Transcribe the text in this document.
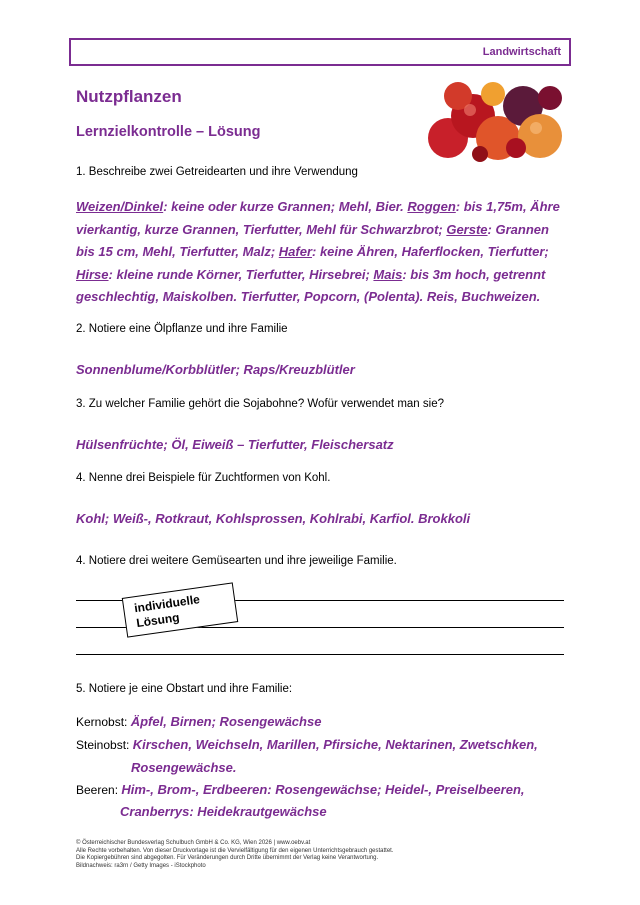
Landwirtschaft
Nutzpflanzen
Lernzielkontrolle – Lösung
1. Beschreibe zwei Getreidearten und ihre Verwendung
Weizen/Dinkel: keine oder kurze Grannen; Mehl, Bier. Roggen: bis 1,75m, Ähre vierkantig, kurze Grannen, Tierfutter, Mehl für Schwarzbrot; Gerste: Grannen bis 15 cm, Mehl, Tierfutter, Malz; Hafer: keine Ähren, Haferflocken, Tierfutter; Hirse: kleine runde Körner, Tierfutter, Hirsebrei; Mais: bis 3m hoch, getrennt geschlechtig, Maiskolben. Tierfutter, Popcorn, (Polenta). Reis, Buchweizen.
2. Notiere eine Ölpflanze und ihre Familie
Sonnenblume/Korbblütler; Raps/Kreuzblütler
3. Zu welcher Familie gehört die Sojabohne? Wofür verwendet man sie?
Hülsenfrüchte; Öl, Eiweiß – Tierfutter, Fleischersatz
4. Nenne drei Beispiele für Zuchtformen von Kohl.
Kohl; Weiß-, Rotkraut, Kohlsprossen, Kohlrabi, Karfiol. Brokkoli
4. Notiere drei weitere Gemüsearten und ihre jeweilige Familie.
individuelle
Lösung
5. Notiere je eine Obstart und ihre Familie:
Kernobst: Äpfel, Birnen; Rosengewächse
Steinobst: Kirschen, Weichseln, Marillen, Pfirsiche, Nektarinen, Zwetschken,
Rosengewächse.
Beeren: Him-, Brom-, Erdbeeren: Rosengewächse; Heidel-, Preiselbeeren,
Cranberrys: Heidekrautgewächse
© Österreichischer Bundesverlag Schulbuch GmbH & Co. KG, Wien 2026 | www.oebv.at
Alle Rechte vorbehalten. Von dieser Druckvorlage ist die Vervielfältigung für den eigenen Unterrichtsgebrauch gestattet.
Die Kopiergebühren sind abgegolten. Für Veränderungen durch Dritte übernimmt der Verlag keine Verantwortung.
Bildnachweis: ra3rn / Getty Images - iStockphoto
